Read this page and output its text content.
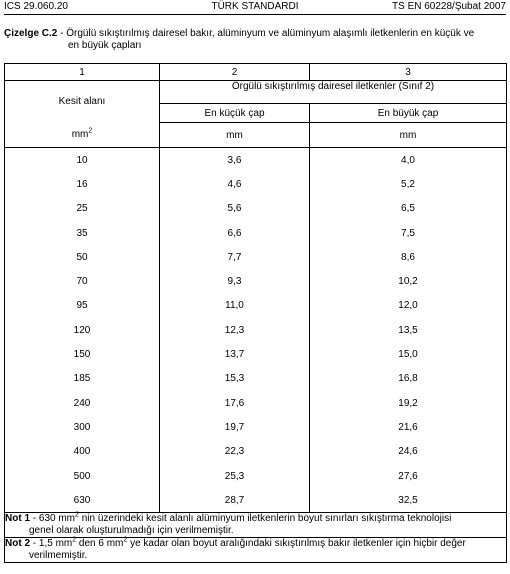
ICS 29.060.20	TÜRK STANDARDI	TS EN 60228/Şubat 2007
Çizelge C.2 - Örgülü sıkıştırılmış dairesel bakır, alüminyum ve alüminyum alaşımlı iletkenlerin en küçük ve
en büyük çapları
1	2	3
Kesit alanı	Örgülü sıkıştırılmış dairesel iletkenler (Sınıf 2)	
	En küçük çap	En büyük çap
$mm^2$	mm	mm
10	3,6	4,0
16	4,6	5,2
25	5,6	6,5
35	6,6	7,5
50	7,7	8,6
70	9,3	10,2
95	11,0	12,0
120	12,3	13,5
150	13,7	15,0
185	15,3	16,8
240	17,6	19,2
300	19,7	21,6
400	22,3	24,6
500	25,3	27,6
630	28,7	32,5
Not 1 - 630 $mm^2$ nin üzerindeki kesit alanlı alüminyum iletkenlerin boyut sınırları sıkıştırma teknolojisi
genel olarak oluşturulmadığı için verilmemiştir.		

Not 2 - 1,5 $mm^2$ den 6 $mm^2$ ye kadar olan boyut aralığındaki sıkıştırılmış bakır iletkenler için hiçbir değer
verilmemiştir.		
